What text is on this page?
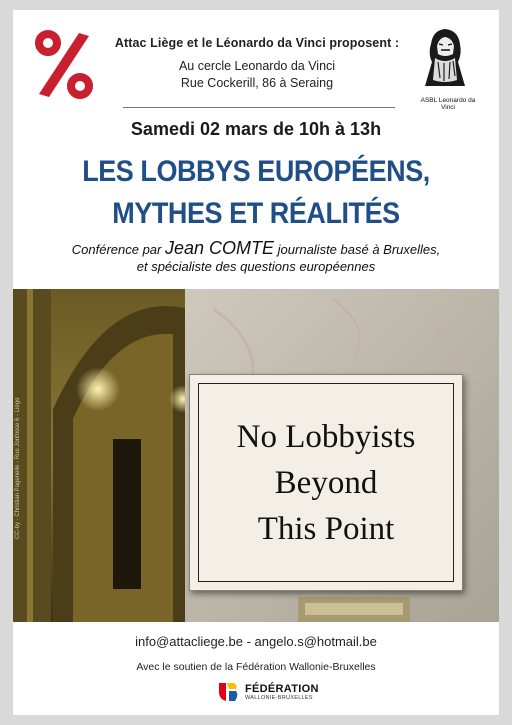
Attac Liège et le Léonardo da Vinci proposent :
Au cercle Leonardo da Vinci
Rue Cockerill, 86 à Seraing
ASBL Leonardo da Vinci
Samedi 02 mars de 10h à 13h
LES LOBBYS EUROPÉENS,
MYTHES ET RÉALITÉS
Conférence par Jean COMTE journaliste basé à Bruxelles,
et spécialiste des questions européennes
No Lobbyists
Beyond
This Point
CC-by - Christian Pagenelle - Rue Jonfosse 6 - Liège
info@attacliege.be - angelo.s@hotmail.be
Avec le soutien de la Fédération Wallonie-Bruxelles
FÉDÉRATION
WALLONIE-BRUXELLES
